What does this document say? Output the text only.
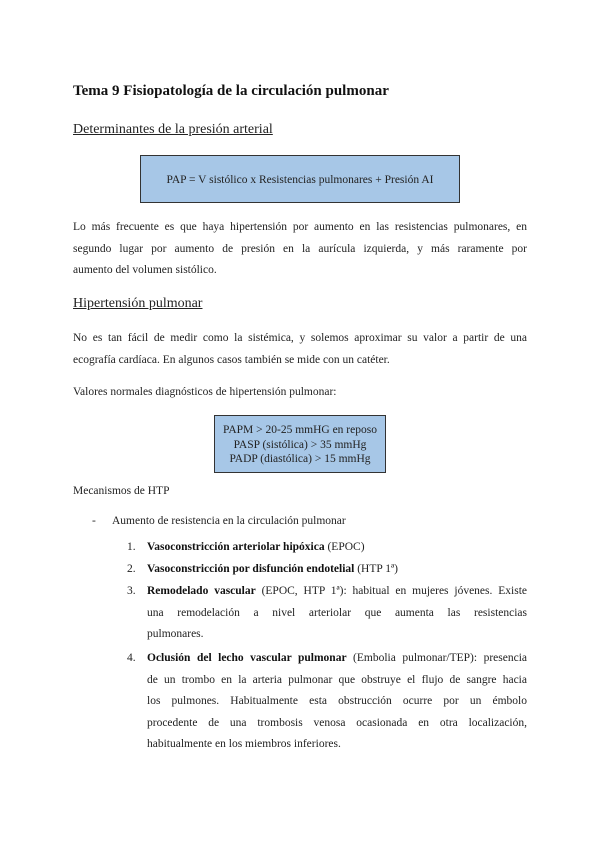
Tema 9 Fisiopatología de la circulación pulmonar
Determinantes de la presión arterial
PAP = V sistólico x Resistencias pulmonares + Presión AI
Lo más frecuente es que haya hipertensión por aumento en las resistencias pulmonares, en
segundo lugar por aumento de presión en la aurícula izquierda, y más raramente por
aumento del volumen sistólico.
Hipertensión pulmonar
No es tan fácil de medir como la sistémica, y solemos aproximar su valor a partir de una
ecografía cardíaca. En algunos casos también se mide con un catéter.
Valores normales diagnósticos de hipertensión pulmonar:
PAPM > 20-25 mmHG en reposo
PASP (sistólica) > 35 mmHg
PADP (diastólica) > 15 mmHg
Mecanismos de HTP
- Aumento de resistencia en la circulación pulmonar
1. Vasoconstricción arteriolar hipóxica (EPOC)
2. Vasoconstricción por disfunción endotelial (HTP 1ª)
3. Remodelado vascular (EPOC, HTP 1ª): habitual en mujeres jóvenes. Existe
una remodelación a nivel arteriolar que aumenta las resistencias
pulmonares.
4. Oclusión del lecho vascular pulmonar (Embolia pulmonar/TEP): presencia
de un trombo en la arteria pulmonar que obstruye el flujo de sangre hacia
los pulmones. Habitualmente esta obstrucción ocurre por un émbolo
procedente de una trombosis venosa ocasionada en otra localización,
habitualmente en los miembros inferiores.
